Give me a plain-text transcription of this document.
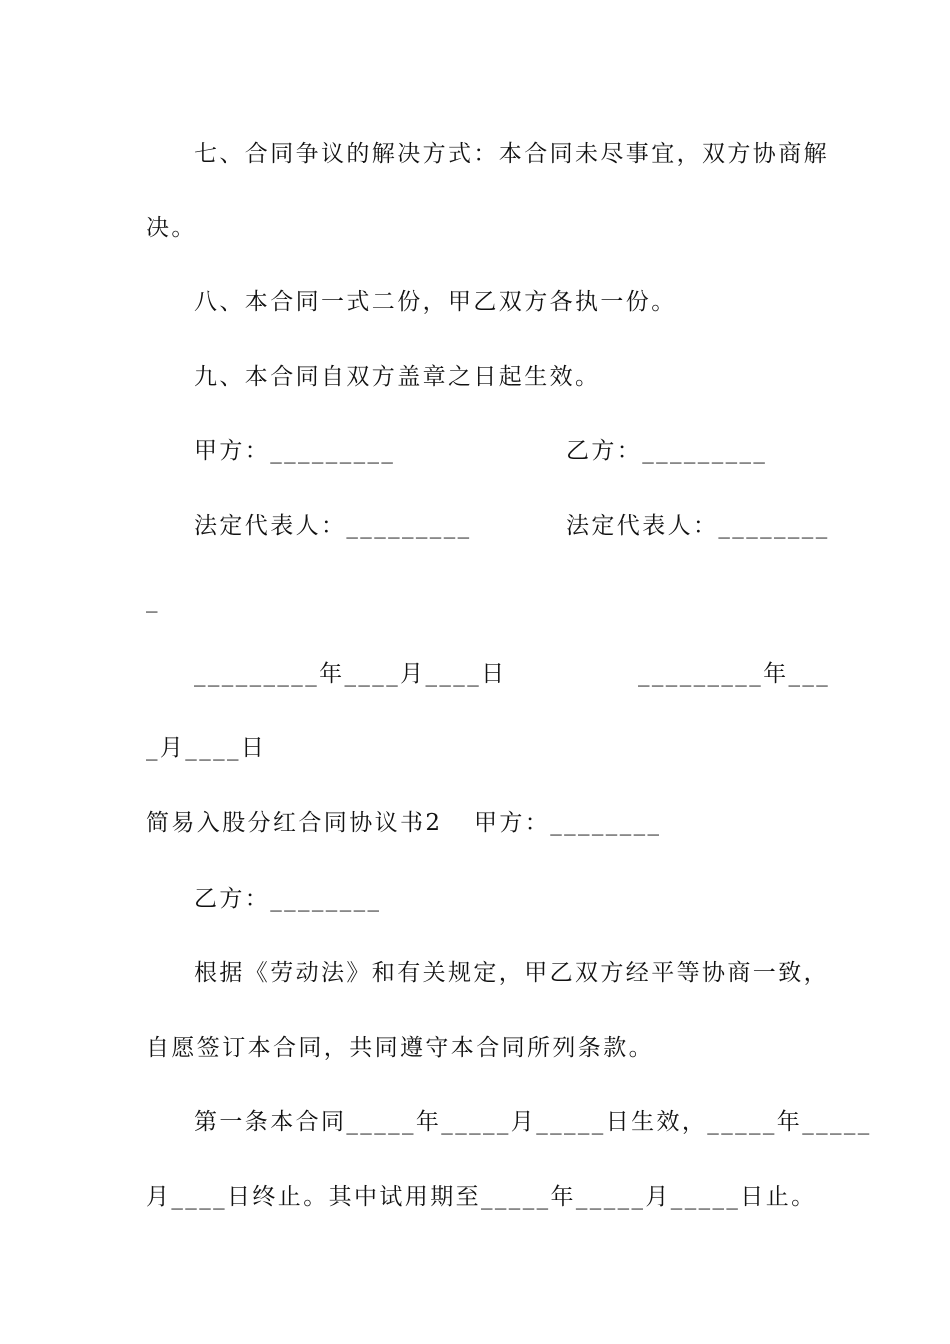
七、合同争议的解决方式：本合同未尽事宜，双方协商解

决。

八、本合同一式二份，甲乙双方各执一份。

九、本合同自双方盖章之日起生效。

甲方：_________	乙方：_________

法定代表人：_________	法定代表人：________

_

_________年____月____日	_________年___

_月____日

简易入股分红合同协议书2 甲方：________

乙方：________

根据《劳动法》和有关规定，甲乙双方经平等协商一致，

自愿签订本合同，共同遵守本合同所列条款。

第一条本合同_____年_____月_____日生效，_____年_____

月____日终止。其中试用期至_____年_____月_____日止。
